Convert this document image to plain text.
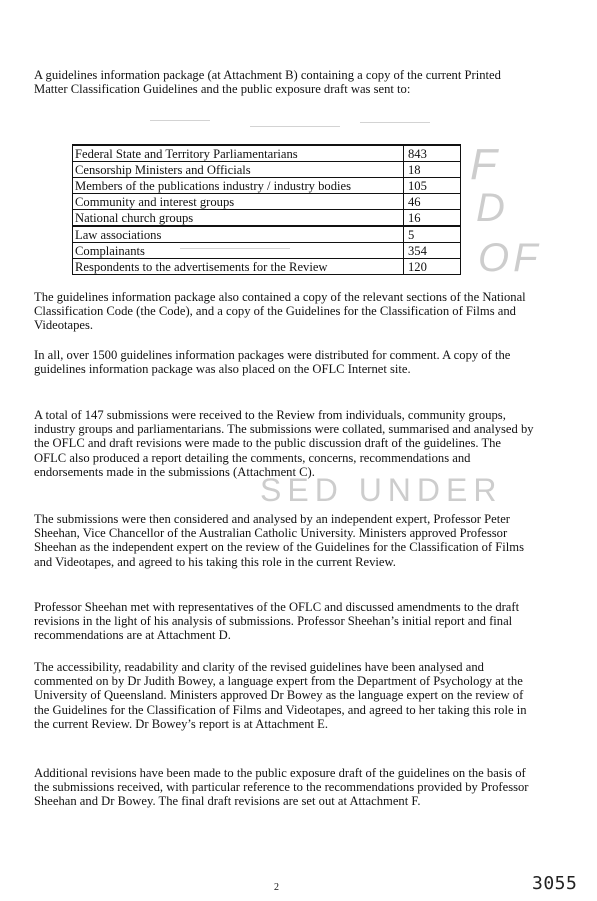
A guidelines information package (at Attachment B) containing a copy of the current Printed Matter Classification Guidelines and the public exposure draft was sent to:

Federal State and Territory Parliamentarians	843
Censorship Ministers and Officials	18
Members of the publications industry / industry bodies	105
Community and interest groups	46
National church groups	16
Law associations	5
Complainants	354
Respondents to the advertisements for the Review	120

The guidelines information package also contained a copy of the relevant sections of the National Classification Code (the Code), and a copy of the Guidelines for the Classification of Films and Videotapes.

In all, over 1500 guidelines information packages were distributed for comment. A copy of the guidelines information package was also placed on the OFLC Internet site.

A total of 147 submissions were received to the Review from individuals, community groups, industry groups and parliamentarians. The submissions were collated, summarised and analysed by the OFLC and draft revisions were made to the public discussion draft of the guidelines. The OFLC also produced a report detailing the comments, concerns, recommendations and endorsements made in the submissions (Attachment C).

The submissions were then considered and analysed by an independent expert, Professor Peter Sheehan, Vice Chancellor of the Australian Catholic University. Ministers approved Professor Sheehan as the independent expert on the review of the Guidelines for the Classification of Films and Videotapes, and agreed to his taking this role in the current Review.

Professor Sheehan met with representatives of the OFLC and discussed amendments to the draft revisions in the light of his analysis of submissions. Professor Sheehan’s initial report and final recommendations are at Attachment D.

The accessibility, readability and clarity of the revised guidelines have been analysed and commented on by Dr Judith Bowey, a language expert from the Department of Psychology at the University of Queensland. Ministers approved Dr Bowey as the language expert on the review of the Guidelines for the Classification of Films and Videotapes, and agreed to her taking this role in the current Review. Dr Bowey’s report is at Attachment E.

Additional revisions have been made to the public exposure draft of the guidelines on the basis of the submissions received, with particular reference to the recommendations provided by Professor Sheehan and Dr Bowey. The final draft revisions are set out at Attachment F.

F
D
OF
SED UNDER
2	3055
